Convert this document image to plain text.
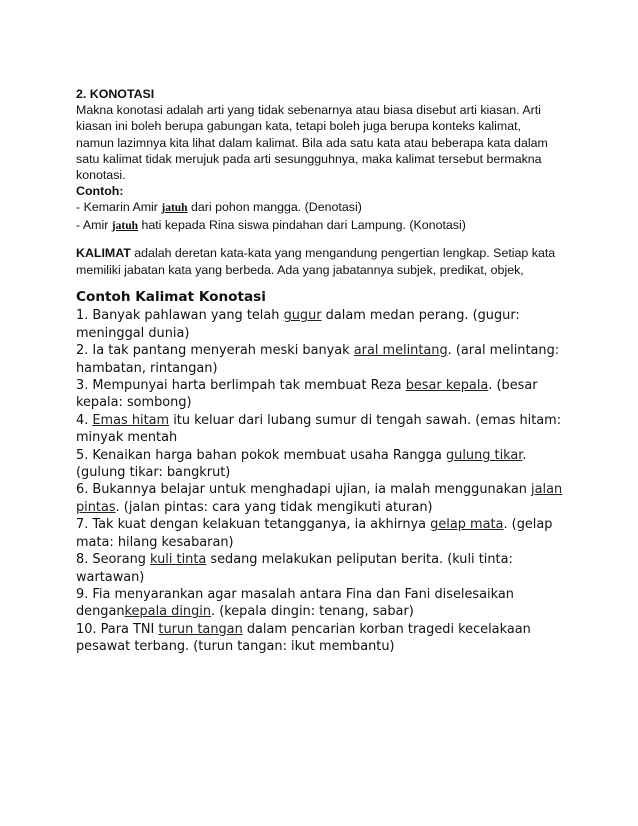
2. KONOTASI

Makna konotasi adalah arti yang tidak sebenarnya atau biasa disebut arti kiasan. Arti

kiasan ini boleh berupa gabungan kata, tetapi boleh juga berupa konteks kalimat,

namun lazimnya kita lihat dalam kalimat. Bila ada satu kata atau beberapa kata dalam

satu kalimat tidak merujuk pada arti sesungguhnya, maka kalimat tersebut bermakna

konotasi.

Contoh:
- Kemarin Amir jatuh dari pohon mangga. (Denotasi)
- Amir jatuh hati kepada Rina siswa pindahan dari Lampung. (Konotasi)
KALIMAT adalah deretan kata-kata yang mengandung pengertian lengkap. Setiap kata
memiliki jabatan kata yang berbeda. Ada yang jabatannya subjek, predikat, objek,
Contoh Kalimat Konotasi
1. Banyak pahlawan yang telah gugur dalam medan perang. (gugur:
meninggal dunia)
2. Ia tak pantang menyerah meski banyak aral melintang. (aral melintang:
hambatan, rintangan)
3. Mempunyai harta berlimpah tak membuat Reza besar kepala. (besar
kepala: sombong)
4. Emas hitam itu keluar dari lubang sumur di tengah sawah. (emas hitam:
minyak mentah
5. Kenaikan harga bahan pokok membuat usaha Rangga gulung tikar.
(gulung tikar: bangkrut)
6. Bukannya belajar untuk menghadapi ujian, ia malah menggunakan jalan
pintas. (jalan pintas: cara yang tidak mengikuti aturan)
7. Tak kuat dengan kelakuan tetangganya, ia akhirnya gelap mata. (gelap
mata: hilang kesabaran)
8. Seorang kuli tinta sedang melakukan peliputan berita. (kuli tinta:
wartawan)
9. Fia menyarankan agar masalah antara Fina dan Fani diselesaikan
dengankepala dingin. (kepala dingin: tenang, sabar)
10. Para TNI turun tangan dalam pencarian korban tragedi kecelakaan
pesawat terbang. (turun tangan: ikut membantu)
